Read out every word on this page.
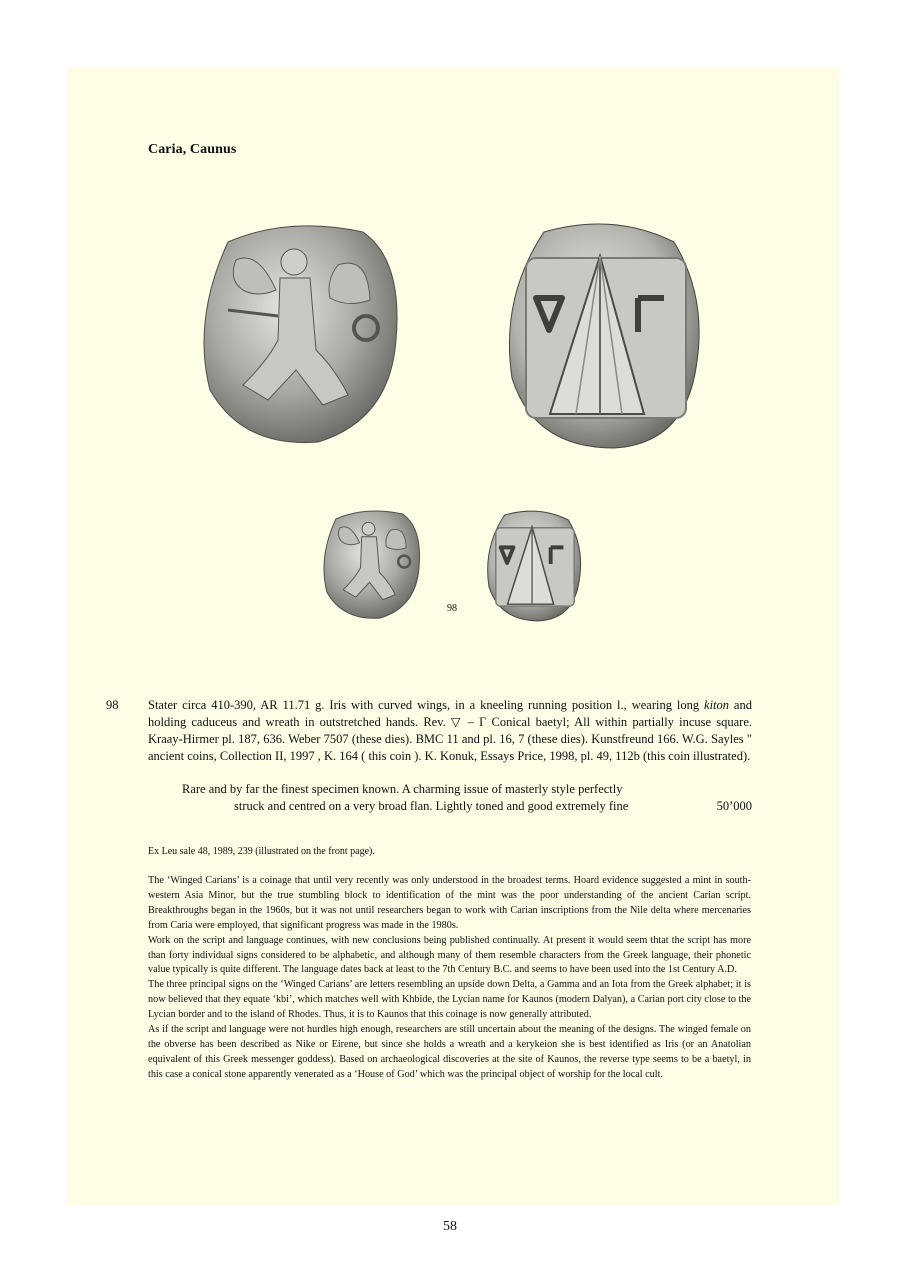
Caria, Caunus
98
98 Stater circa 410-390, AR 11.71 g. Iris with curved wings, in a kneeling running position l., wearing long kiton and holding caduceus and wreath in outstretched hands. Rev. ▽ – Γ Conical baetyl; All within partially incuse square. Kraay-Hirmer pl. 187, 636. Weber 7507 (these dies). BMC 11 and pl. 16, 7 (these dies). Kunstfreund 166. W.G. Sayles " ancient coins, Collection II, 1997 , K. 164 ( this coin ). K. Konuk, Essays Price, 1998, pl. 49, 112b (this coin illustrated).

Rare and by far the finest specimen known. A charming issue of masterly style perfectly
struck and centred on a very broad flan. Lightly toned and good extremely fine	50’000
Ex Leu sale 48, 1989, 239 (illustrated on the front page).

The ‘Winged Carians’ is a coinage that until very recently was only understood in the broadest terms. Hoard evidence suggested a mint in south-western Asia Minor, but the true stumbling block to identification of the mint was the poor understanding of the ancient Carian script. Breakthroughs began in the 1960s, but it was not until researchers began to work with Carian inscriptions from the Nile delta where mercenaries from Caria were employed, that significant progress was made in the 1980s.

Work on the script and language continues, with new conclusions being published continually. At present it would seem thtat the script has more than forty individual signs considered to be alphabetic, and although many of them resemble characters from the Greek language, their phonetic value typically is quite different. The language dates back at least to the 7th Century B.C. and seems to have been used into the 1st Century A.D.

The three principal signs on the ‘Winged Carians’ are letters resembling an upside down Delta, a Gamma and an Iota from the Greek alphabet; it is now believed that they equate ‘kbi’, which matches well with Khbide, the Lycian name for Kaunos (modern Dalyan), a Carian port city close to the Lycian border and to the island of Rhodes. Thus, it is to Kaunos that this coinage is now generally attributed.

As if the script and language were not hurdles high enough, researchers are still uncertain about the meaning of the designs. The winged female on the obverse has been described as Nike or Eirene, but since she holds a wreath and a kerykeion she is best identified as Iris (or an Anatolian equivalent of this Greek messenger goddess). Based on archaeological discoveries at the site of Kaunos, the reverse type seems to be a baetyl, in this case a conical stone apparently venerated as a ‘House of God’ which was the principal object of worship for the local cult.

58
